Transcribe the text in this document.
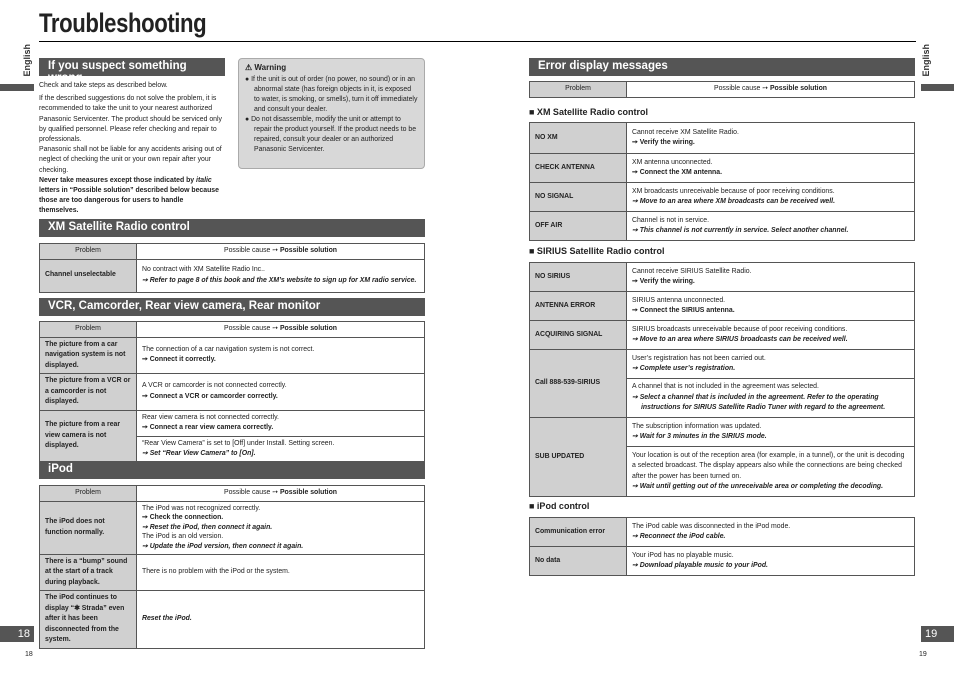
Troubleshooting
English	English
18	19
18	19
If you suspect something wrong

Check and take steps as described below.

If the described suggestions do not solve the problem, it is recommended to take the unit to your nearest authorized Panasonic Servicenter. The product should be serviced only by qualified personnel. Please refer checking and repair to professionals.

Panasonic shall not be liable for any accidents arising out of neglect of checking the unit or your own repair after your checking.

Never take measures except those indicated by italic letters in “Possible solution” described below because those are too dangerous for users to handle themselves.

⚠ Warning
● If the unit is out of order (no power, no sound) or in an abnormal state (has foreign objects in it, is exposed to water, is smoking, or smells), turn it off immediately and consult your dealer.
● Do not disassemble, modify the unit or attempt to repair the product yourself. If the product needs to be repaired, consult your dealer or an authorized Panasonic Servicenter.
XM Satellite Radio control
Problem	Possible cause ➙ Possible solution
Channel unselectable	No contract with XM Satellite Radio Inc..

➙ Refer to page 8 of this book and the XM’s website to sign up for XM radio service.
VCR, Camcorder, Rear view camera, Rear monitor
Problem	Possible cause ➙ Possible solution
The picture from a car navigation system is not displayed.	The connection of a car navigation system is not correct.
➙ Connect it correctly.
The picture from a VCR or a camcorder is not displayed.	A VCR or camcorder is not connected correctly.
➙ Connect a VCR or camcorder correctly.
The picture from a rear view camera is not displayed.	Rear view camera is not connected correctly.
➙ Connect a rear view camera correctly.
	“Rear View Camera” is set to [Off] under Install. Setting screen.
➙ Set “Rear View Camera” to [On].
iPod
Problem	Possible cause ➙ Possible solution
The iPod does not function normally.	The iPod was not recognized correctly.
➙ Check the connection.
➙ Reset the iPod, then connect it again.
The iPod is an old version.
➙ Update the iPod version, then connect it again.
There is a “bump” sound at the start of a track during playback.	There is no problem with the iPod or the system.
The iPod continues to display “✱ Strada” even after it has been disconnected from the system.	Reset the iPod.
Error display messages
Problem	Possible cause ➙ Possible solution
■ XM Satellite Radio control
NO XM	Cannot receive XM Satellite Radio.
➙ Verify the wiring.
CHECK ANTENNA	XM antenna unconnected.
➙ Connect the XM antenna.
NO SIGNAL	XM broadcasts unreceivable because of poor receiving conditions.
➙ Move to an area where XM broadcasts can be received well.
OFF AIR	Channel is not in service.
➙ This channel is not currently in service. Select another channel.
■ SIRIUS Satellite Radio control
NO SIRIUS	Cannot receive SIRIUS Satellite Radio.
➙ Verify the wiring.
ANTENNA ERROR	SIRIUS antenna unconnected.
➙ Connect the SIRIUS antenna.
ACQUIRING SIGNAL	SIRIUS broadcasts unreceivable because of poor receiving conditions.
➙ Move to an area where SIRIUS broadcasts can be received well.
Call 888-539-SIRIUS	User’s registration has not been carried out.
➙ Complete user’s registration.
	A channel that is not included in the agreement was selected.

➙ Select a channel that is included in the agreement. Refer to the operating instructions for SIRIUS Satellite Radio Tuner with regard to the agreement.

SUB UPDATED	The subscription information was updated.
➙ Wait for 3 minutes in the SIRIUS mode.
	Your location is out of the reception area (for example, in a tunnel), or the unit is decoding a selected broadcast. The display appears also while the connections are being checked after the power has been turned on.
➙ Wait until getting out of the unreceivable area or completing the decoding.
■ iPod control
Communication error	The iPod cable was disconnected in the iPod mode.
➙ Reconnect the iPod cable.
No data	Your iPod has no playable music.
➙ Download playable music to your iPod.
